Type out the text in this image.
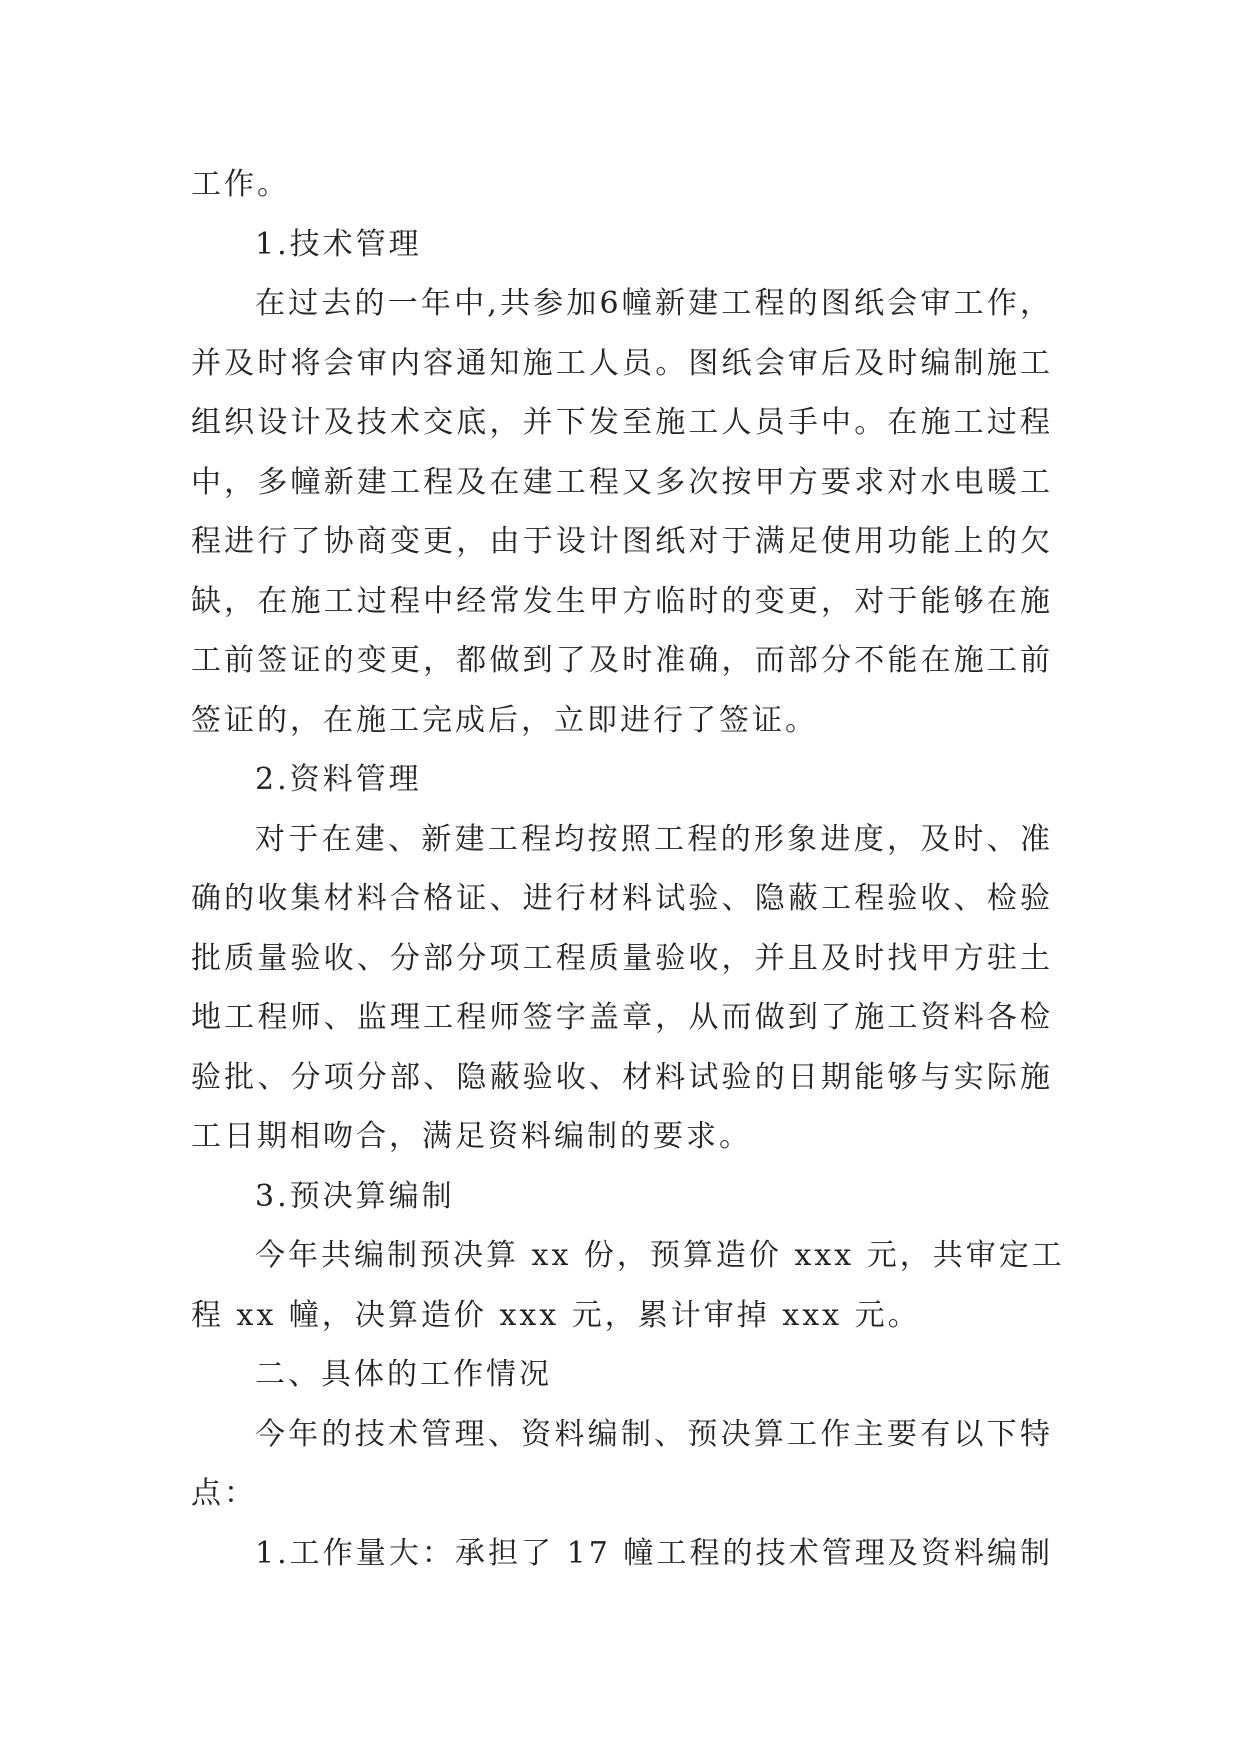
工作。
1.技术管理
在过去的一年中,共参加6幢新建工程的图纸会审工作，
并及时将会审内容通知施工人员。图纸会审后及时编制施工
组织设计及技术交底，并下发至施工人员手中。在施工过程
中，多幢新建工程及在建工程又多次按甲方要求对水电暖工
程进行了协商变更，由于设计图纸对于满足使用功能上的欠
缺，在施工过程中经常发生甲方临时的变更，对于能够在施
工前签证的变更，都做到了及时准确，而部分不能在施工前
签证的，在施工完成后，立即进行了签证。
2.资料管理
对于在建、新建工程均按照工程的形象进度，及时、准
确的收集材料合格证、进行材料试验、隐蔽工程验收、检验
批质量验收、分部分项工程质量验收，并且及时找甲方驻土
地工程师、监理工程师签字盖章，从而做到了施工资料各检
验批、分项分部、隐蔽验收、材料试验的日期能够与实际施
工日期相吻合，满足资料编制的要求。
3.预决算编制
今年共编制预决算 xx 份，预算造价 xxx 元，共审定工
程 xx 幢，决算造价 xxx 元，累计审掉 xxx 元。
二、具体的工作情况
今年的技术管理、资料编制、预决算工作主要有以下特
点：
1.工作量大：承担了 17 幢工程的技术管理及资料编制
